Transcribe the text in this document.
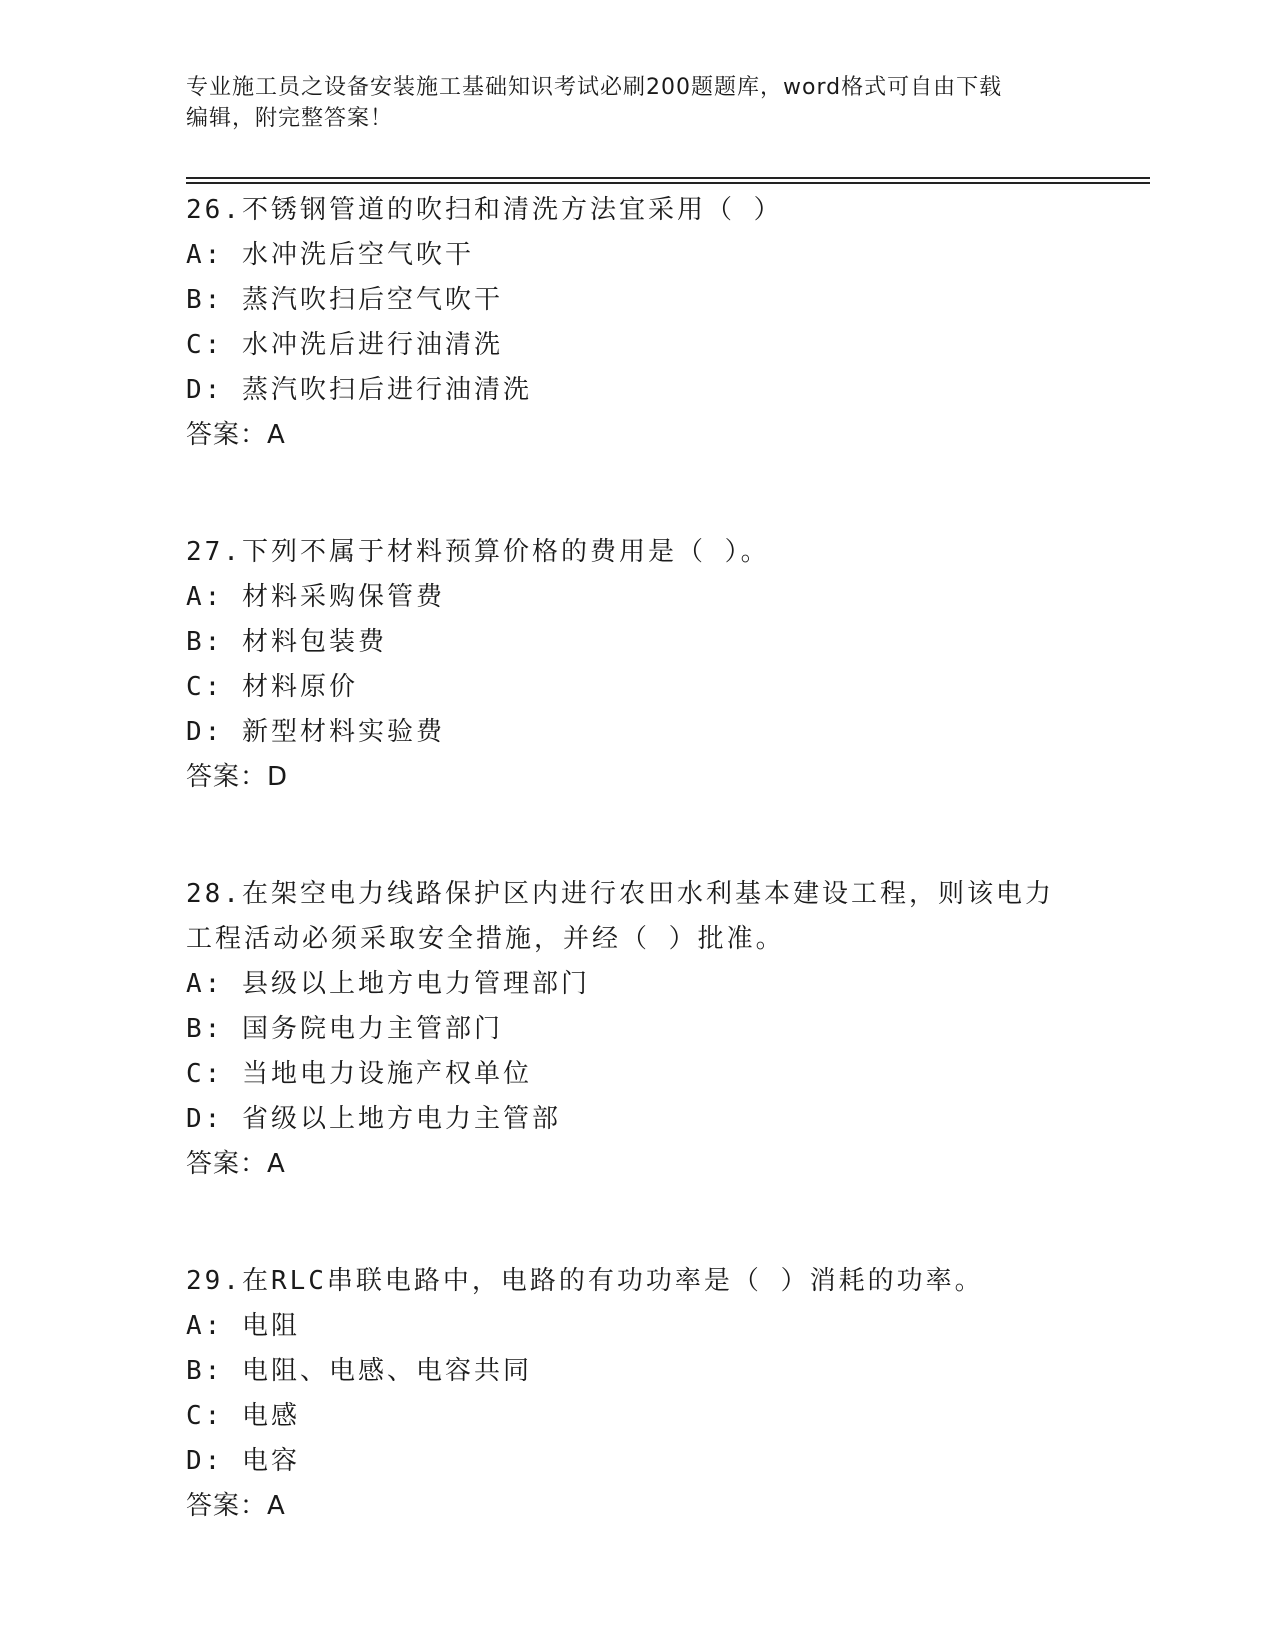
专业施工员之设备安装施工基础知识考试必刷200题题库，word格式可自由下载
编辑，附完整答案！

26.不锈钢管道的吹扫和清洗方法宜采用（ ）

A: 水冲洗后空气吹干

B: 蒸汽吹扫后空气吹干

C: 水冲洗后进行油清洗

D: 蒸汽吹扫后进行油清洗

答案：A

27.下列不属于材料预算价格的费用是（ ）。

A: 材料采购保管费

B: 材料包装费

C: 材料原价

D: 新型材料实验费

答案：D

28.在架空电力线路保护区内进行农田水利基本建设工程，则该电力工程活动必须采取安全措施，并经（ ）批准。

A: 县级以上地方电力管理部门

B: 国务院电力主管部门

C: 当地电力设施产权单位

D: 省级以上地方电力主管部

答案：A

29.在RLC串联电路中，电路的有功功率是（ ）消耗的功率。

A: 电阻

B: 电阻、电感、电容共同

C: 电感

D: 电容

答案：A
